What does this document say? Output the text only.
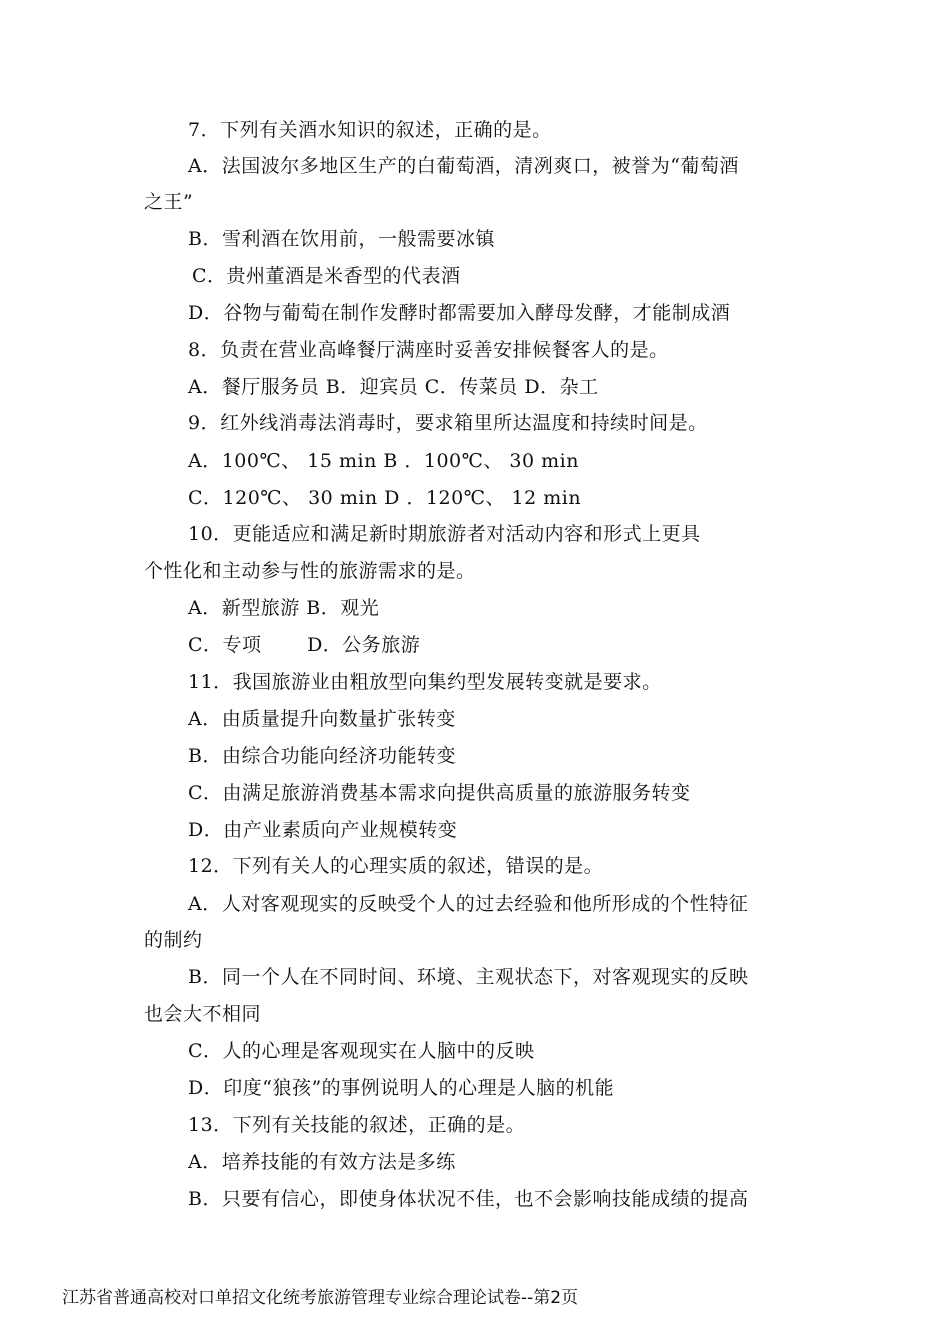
7．下列有关酒水知识的叙述，正确的是。
A．法国波尔多地区生产的白葡萄酒，清冽爽口，被誉为“葡萄酒
之王”
B．雪利酒在饮用前，一般需要冰镇
C．贵州董酒是米香型的代表酒
D．谷物与葡萄在制作发酵时都需要加入酵母发酵，才能制成酒
8．负责在营业高峰餐厅满座时妥善安排候餐客人的是。
A．餐厅服务员 B．迎宾员 C．传菜员 D．杂工
9．红外线消毒法消毒时，要求箱里所达温度和持续时间是。
A．100℃、 15 min B ．100℃、 30 min
C．120℃、 30 min D ．120℃、 12 min
10．更能适应和满足新时期旅游者对活动内容和形式上更具
个性化和主动参与性的旅游需求的是。
A．新型旅游 B．观光
C．专项　　 D．公务旅游
11．我国旅游业由粗放型向集约型发展转变就是要求。
A．由质量提升向数量扩张转变
B．由综合功能向经济功能转变
C．由满足旅游消费基本需求向提供高质量的旅游服务转变
D．由产业素质向产业规模转变
12．下列有关人的心理实质的叙述，错误的是。
A．人对客观现实的反映受个人的过去经验和他所形成的个性特征
的制约
B．同一个人在不同时间、环境、主观状态下，对客观现实的反映
也会大不相同
C．人的心理是客观现实在人脑中的反映
D．印度“狼孩”的事例说明人的心理是人脑的机能
13．下列有关技能的叙述，正确的是。
A．培养技能的有效方法是多练
B．只要有信心，即使身体状况不佳，也不会影响技能成绩的提高
江苏省普通高校对口单招文化统考旅游管理专业综合理论试卷--第2页
